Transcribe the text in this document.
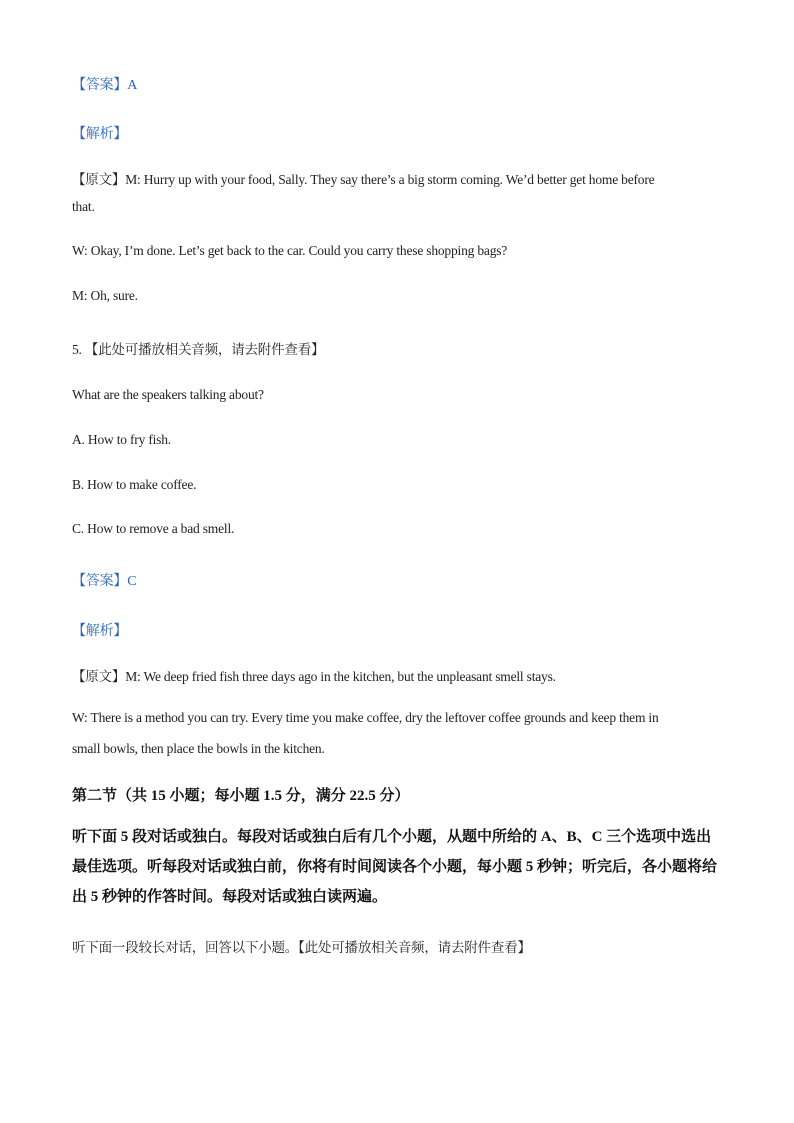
【答案】A
【解析】
【原文】M: Hurry up with your food, Sally. They say there’s a big storm coming. We’d better get home before
that.
W: Okay, I’m done. Let’s get back to the car. Could you carry these shopping bags?
M: Oh, sure.
5. 【此处可播放相关音频，请去附件查看】
What are the speakers talking about?
A. How to fry fish.
B. How to make coffee.
C. How to remove a bad smell.
【答案】C
【解析】
【原文】M: We deep fried fish three days ago in the kitchen, but the unpleasant smell stays.
W: There is a method you can try. Every time you make coffee, dry the leftover coffee grounds and keep them in
small bowls, then place the bowls in the kitchen.
第二节（共 15 小题；每小题 1.5 分，满分 22.5 分）
听下面 5 段对话或独白。每段对话或独白后有几个小题，从题中所给的 A、B、C 三个选项中选出最佳选项。听每段对话或独白前，你将有时间阅读各个小题，每小题 5 秒钟；听完后，各小题将给出 5 秒钟的作答时间。每段对话或独白读两遍。
听下面一段较长对话，回答以下小题。【此处可播放相关音频，请去附件查看】
